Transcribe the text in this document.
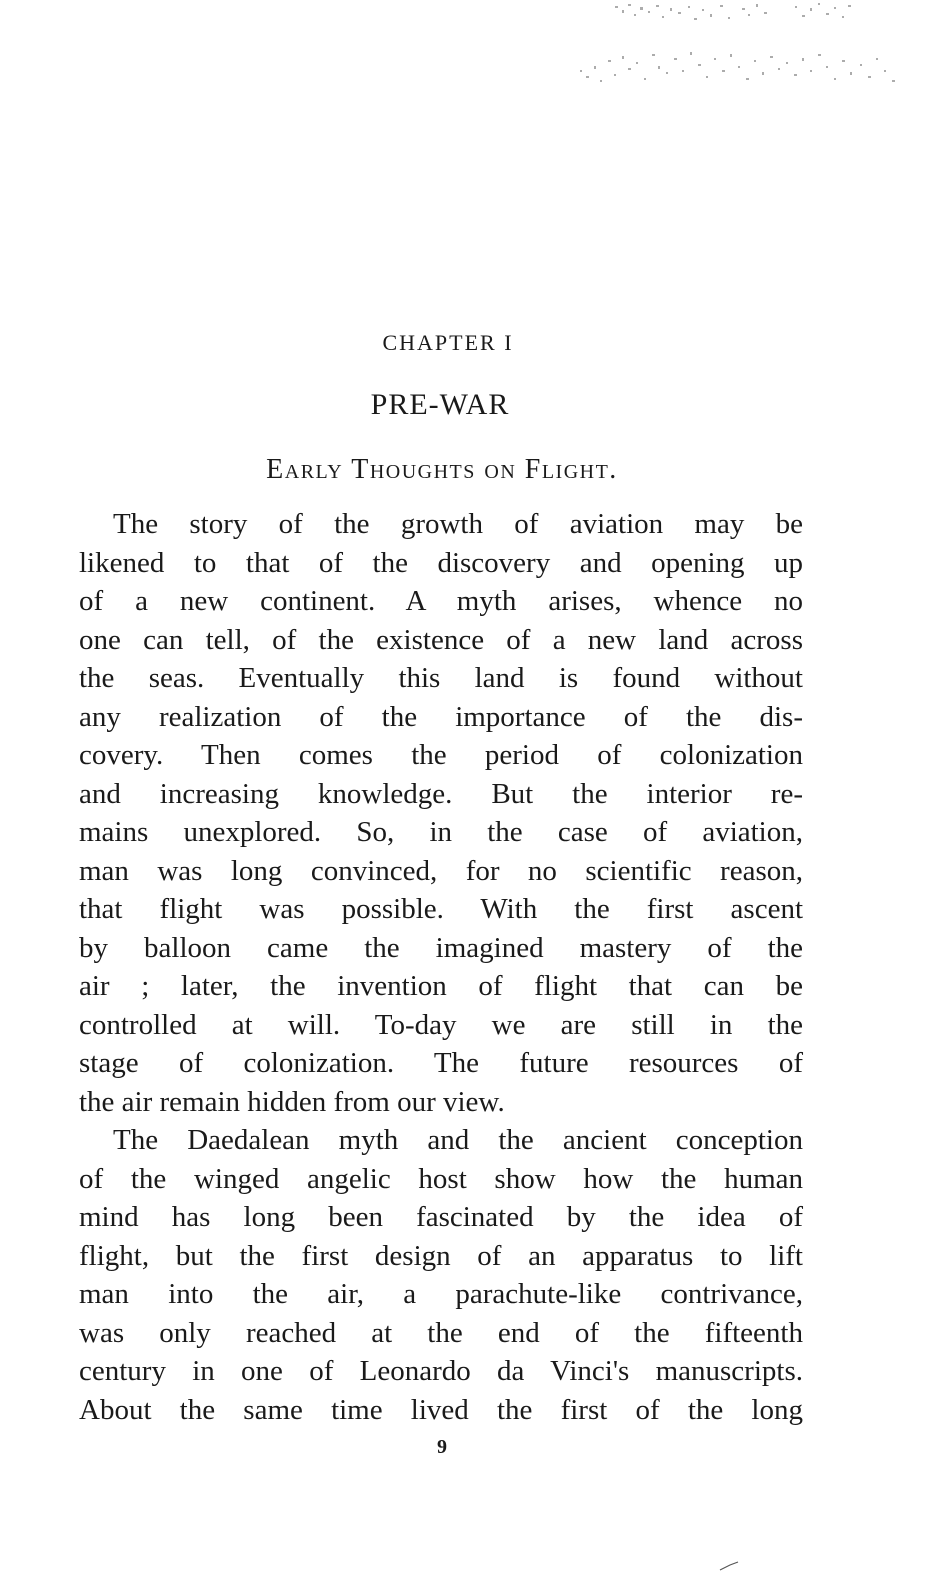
CHAPTER I
PRE-WAR
Early Thoughts on Flight.
The story of the growth of aviation may be
likened to that of the discovery and opening up
of a new continent. A myth arises, whence no
one can tell, of the existence of a new land across
the seas. Eventually this land is found without
any realization of the importance of the dis-
covery. Then comes the period of colonization
and increasing knowledge. But the interior re-
mains unexplored. So, in the case of aviation,
man was long convinced, for no scientific reason,
that flight was possible. With the first ascent
by balloon came the imagined mastery of the
air ; later, the invention of flight that can be
controlled at will. To-day we are still in the
stage of colonization. The future resources of
the air remain hidden from our view.
The Daedalean myth and the ancient conception
of the winged angelic host show how the human
mind has long been fascinated by the idea of
flight, but the first design of an apparatus to lift
man into the air, a parachute-like contrivance,
was only reached at the end of the fifteenth
century in one of Leonardo da Vinci's manuscripts.
About the same time lived the first of the long
9
